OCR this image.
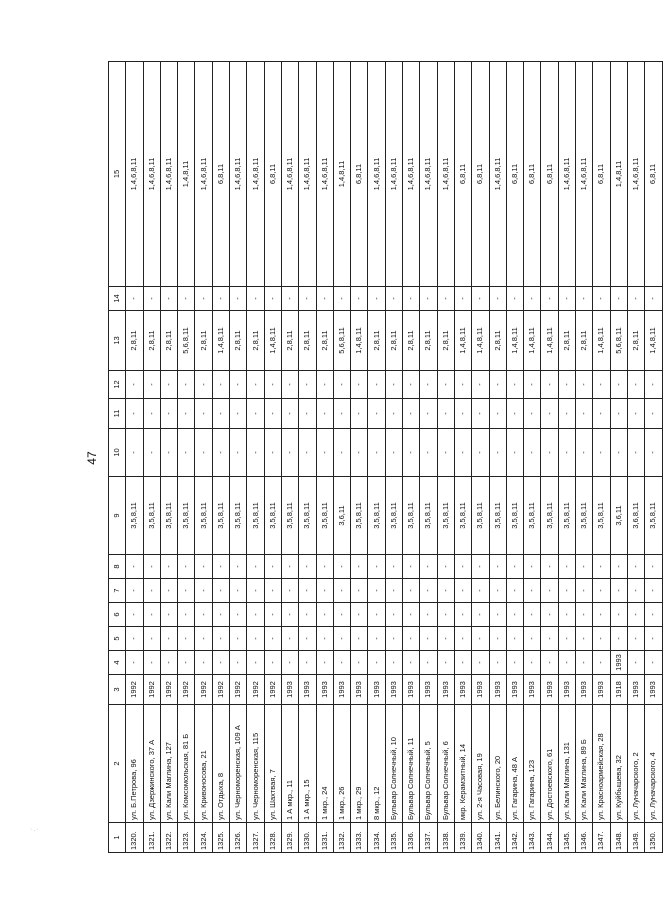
47
·.·
1	2	3	4	5	6	7	8	9	10	11	12	13	14	15
1320.	ул. Б.Петрова, 96	1992	-	-	-	-	-	3,5,8,11	-	-	-	2,8,11	-	1,4,6,8,11
1321.	ул. Дзержинского, 37 А	1992	-	-	-	-	-	3,5,8,11	-	-	-	2,8,11	-	1,4,6,8,11
1322.	ул. Кали Маглина, 127	1992	-	-	-	-	-	3,5,8,11	-	-	-	2,8,11	-	1,4,6,8,11
1323.	ул. Комсомольская, 81 Б	1992	-	-	-	-	-	3,5,8,11	-	-	-	5,6,8,11	-	1,4,8,11
1324.	ул. Кривоносова, 21	1992	-	-	-	-	-	3,5,8,11	-	-	-	2,8,11	-	1,4,6,8,11
1325.	ул. Отдыха, 8	1992	-	-	-	-	-	3,5,8,11	-	-	-	1,4,8,11	-	6,8,11
1326.	ул. Черноморенская, 109 А	1992	-	-	-	-	-	3,5,8,11	-	-	-	2,8,11	-	1,4,6,8,11
1327.	ул. Черноморенская, 115	1992	-	-	-	-	-	3,5,8,11	-	-	-	2,8,11	-	1,4,6,8,11
1328.	ул. Шахтвая, 7	1992	-	-	-	-	-	3,5,8,11	-	-	-	1,4,8,11	-	6,8,11
1329.	1 А мкр., 11	1993	-	-	-	-	-	3,5,8,11	-	-	-	2,8,11	-	1,4,6,8,11
1330.	1 А мкр., 15	1993	-	-	-	-	-	3,5,8,11	-	-	-	2,8,11	-	1,4,6,8,11
1331.	1 мкр., 24	1993	-	-	-	-	-	3,5,8,11	-	-	-	2,8,11	-	1,4,6,8,11
1332.	1 мкр., 26	1993	-	-	-	-	-	3,6,11	-	-	-	5,6,8,11	-	1,4,8,11
1333.	1 мкр., 29	1993	-	-	-	-	-	3,5,8,11	-	-	-	1,4,8,11	-	6,8,11
1334.	8 мкр., 12	1993	-	-	-	-	-	3,5,8,11	-	-	-	2,8,11	-	1,4,6,8,11
1335.	Бульвар Солнечный, 10	1993	-	-	-	-	-	3,5,8,11	-	-	-	2,8,11	-	1,4,6,8,11
1336.	Бульвар Солнечный, 11	1993	-	-	-	-	-	3,5,8,11	-	-	-	2,8,11	-	1,4,6,8,11
1337.	Бульвар Солнечный, 5	1993	-	-	-	-	-	3,5,8,11	-	-	-	2,8,11	-	1,4,6,8,11
1338.	Бульвар Солнечный, 6	1993	-	-	-	-	-	3,5,8,11	-	-	-	2,8,11	-	1,4,6,8,11
1339.	мкр. Керамзитный, 14	1993	-	-	-	-	-	3,5,8,11	-	-	-	1,4,8,11	-	6,8,11
1340.	ул. 2-я Часовая, 19	1993	-	-	-	-	-	3,5,8,11	-	-	-	1,4,8,11	-	6,8,11
1341.	ул. Белинского, 20	1993	-	-	-	-	-	3,5,8,11	-	-	-	2,8,11	-	1,4,6,8,11
1342.	ул. Гагарина, 48 А	1993	-	-	-	-	-	3,5,8,11	-	-	-	1,4,8,11	-	6,8,11
1343.	ул. Гагарина, 123	1993	-	-	-	-	-	3,5,8,11	-	-	-	1,4,8,11	-	6,8,11
1344.	ул. Достоевского, 61	1993	-	-	-	-	-	3,5,8,11	-	-	-	1,4,8,11	-	6,8,11
1345.	ул. Кали Маглина, 131	1993	-	-	-	-	-	3,5,8,11	-	-	-	2,8,11	-	1,4,6,8,11
1346.	ул. Кали Маглина, 89 Б	1993	-	-	-	-	-	3,5,8,11	-	-	-	2,8,11	-	1,4,6,8,11
1347.	ул. Красноармейская, 28	1993	-	-	-	-	-	3,5,8,11	-	-	-	1,4,8,11	-	6,8,11
1348.	ул. Куйбышева, 32	1918	1993	-	-	-	-	3,6,11	-	-	-	5,6,8,11	-	1,4,8,11
1349.	ул. Луначарского, 2	1993	-	-	-	-	-	3,6,8,11	-	-	-	2,8,11	-	1,4,6,8,11
1350.	ул. Луначарского, 4	1993	-	-	-	-	-	3,5,8,11	-	-	-	1,4,8,11	-	6,8,11
